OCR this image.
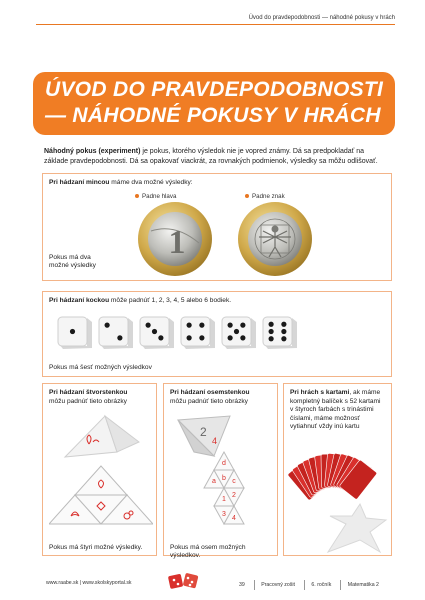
Úvod do pravdepodobnosti — náhodné pokusy v hrách
ÚVOD DO PRAVDEPODOBNOSTI
— NÁHODNÉ POKUSY V HRÁCH

Náhodný pokus (experiment) je pokus, ktorého výsledok nie je vopred známy. Dá sa predpokladať na základe pravdepodobnosti. Dá sa opakovať viackrát, za rovnakých podmienok, výsledky sa môžu odlišovať.

Pri hádzaní mincou máme dva možné výsledky:
Padne hlava	Padne znak
1
Pokus má dva
možné výsledky
Pri hádzaní kockou môže padnúť 1, 2, 3, 4, 5 alebo 6 bodiek.
Pokus má šesť možných výsledkov
Pri hádzaní štvorstenkou
môžu padnúť tieto obrázky
Pokus má štyri možné výsledky.
Pri hádzaní osemstenkou
môžu padnúť tieto obrázky
2
4
d
a b c
1
2
3
4
Pokus má osem možných výsledkov.
Pri hrách s kartami, ak máme kompletný balíček s 52 kartami v štyroch farbách s trinástimi číslami, máme možnosť vytiahnuť vždy inú kartu
www.raabe.sk | www.skolskyportal.sk	39	Pracovný zošit	6. ročník	Matematika 2
